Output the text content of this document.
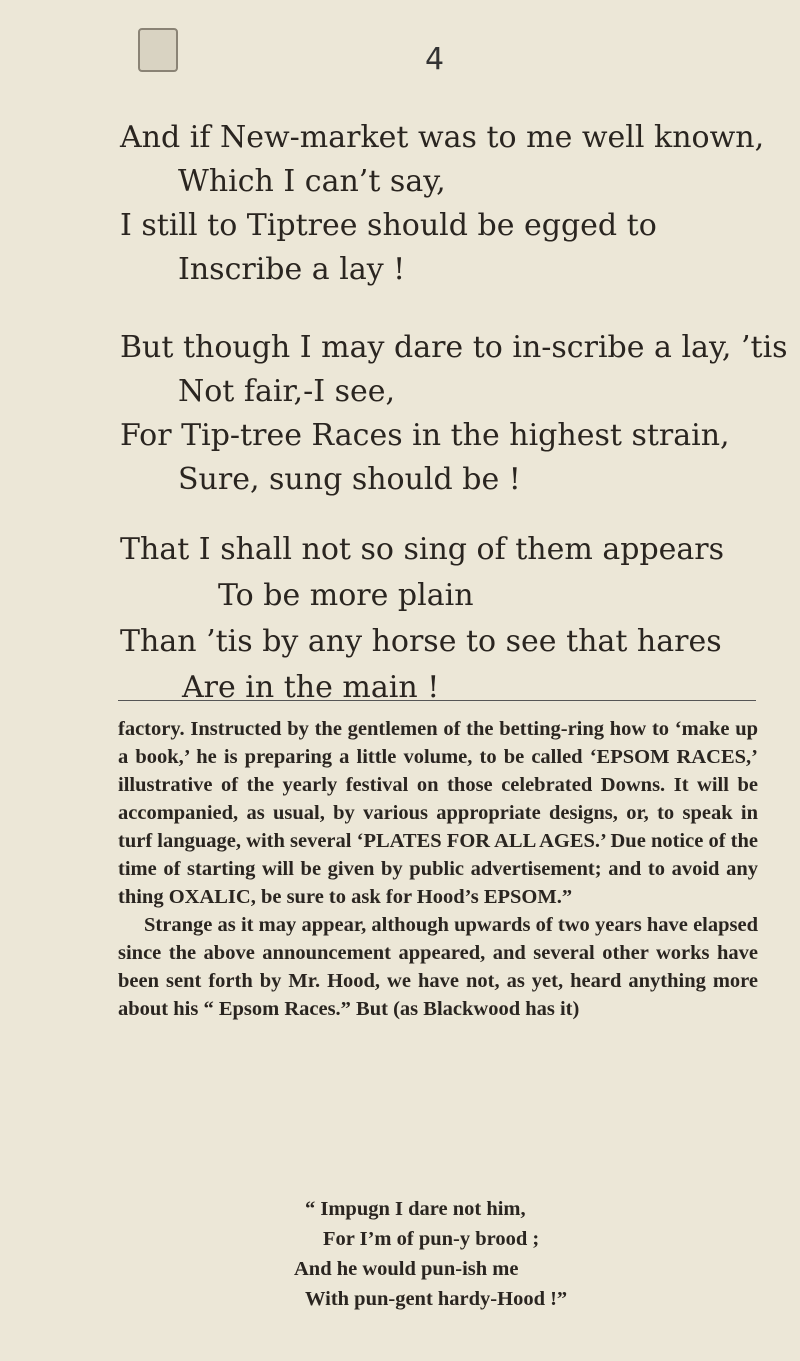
4
And if New-market was to me well known,
Which I can’t say,
I still to Tiptree should be egged to
Inscribe a lay !
But though I may dare to in-scribe a lay, ’tis
Not fair,-I see,
For Tip-tree Races in the highest strain,
Sure, sung should be !
That I shall not so sing of them appears
To be more plain
Than ’tis by any horse to see that hares
Are in the main !

factory. Instructed by the gentlemen of the betting-ring how to ‘make up a book,’ he is preparing a little volume, to be called ‘EPSOM RACES,’ illustrative of the yearly festival on those celebrated Downs. It will be accompanied, as usual, by various appropriate designs, or, to speak in turf language, with several ‘PLATES FOR ALL AGES.’ Due notice of the time of starting will be given by public advertisement; and to avoid any thing OXALIC, be sure to ask for Hood’s EPSOM.”

Strange as it may appear, although upwards of two years have elapsed since the above announcement appeared, and several other works have been sent forth by Mr. Hood, we have not, as yet, heard anything more about his “ Epsom Races.” But (as Blackwood has it)

“ Impugn I dare not him,
For I’m of pun-y brood ;
And he would pun-ish me
With pun-gent hardy-Hood !”
